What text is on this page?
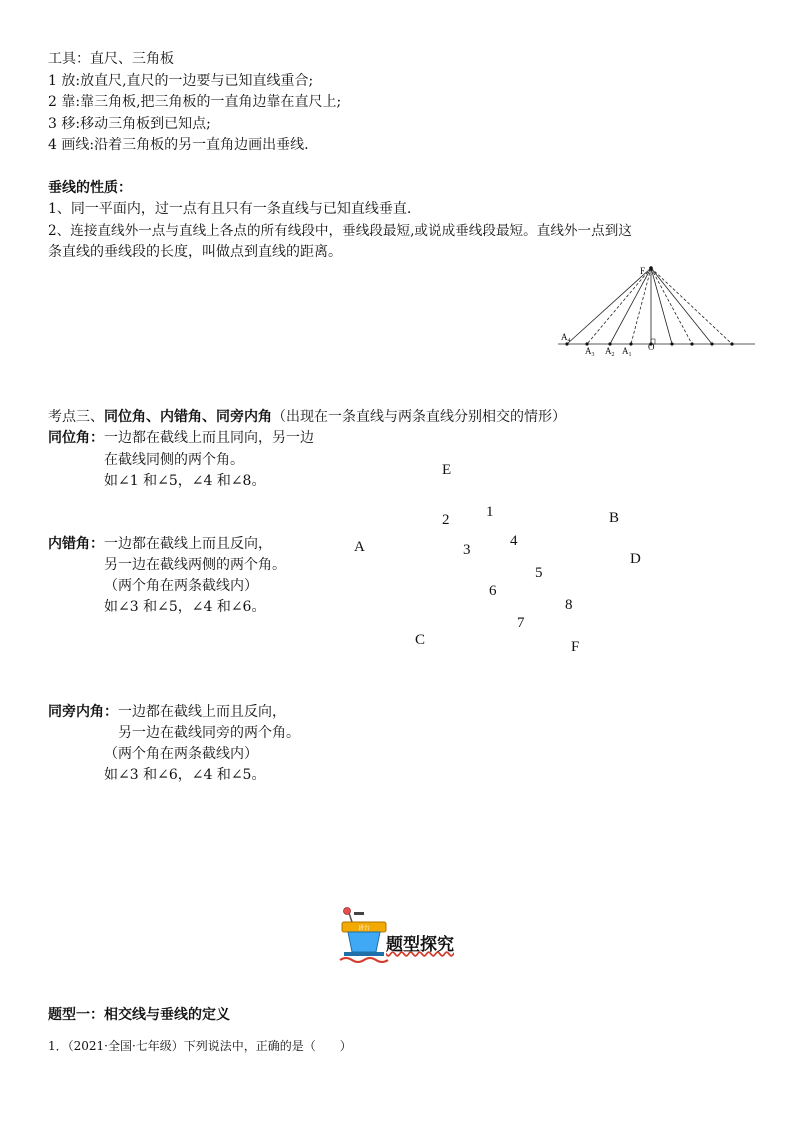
工具：直尺、三角板
1 放:放直尺,直尺的一边要与已知直线重合;
2 靠:靠三角板,把三角板的一直角边靠在直尺上;
3 移:移动三角板到已知点;
4 画线:沿着三角板的另一直角边画出垂线.
垂线的性质：
1、同一平面内，过一点有且只有一条直线与已知直线垂直.
2、连接直线外一点与直线上各点的所有线段中，垂线段最短,或说成垂线段最短。直线外一点到这
条直线的垂线段的长度，叫做点到直线的距离。
F
$A_4$
$A_3$ $A_2$ $A_1$
O
考点三、同位角、内错角、同旁内角（出现在一条直线与两条直线分别相交的情形）
同位角：一边都在截线上而且同向，另一边
在截线同侧的两个角。
如∠1 和∠5，∠4 和∠8。
内错角：一边都在截线上而且反向，
另一边在截线两侧的两个角。
（两个角在两条截线内）
如∠3 和∠5，∠4 和∠6。
E
1
2	B
A	4
3
D
5
6
8
7
C	F
同旁内角：一边都在截线上而且反向，
另一边在截线同旁的两个角。
（两个角在两条截线内）
如∠3 和∠6，∠4 和∠5。
讲台
题型探究
题型一：相交线与垂线的定义
1．（2021·全国·七年级）下列说法中，正确的是（　　）
